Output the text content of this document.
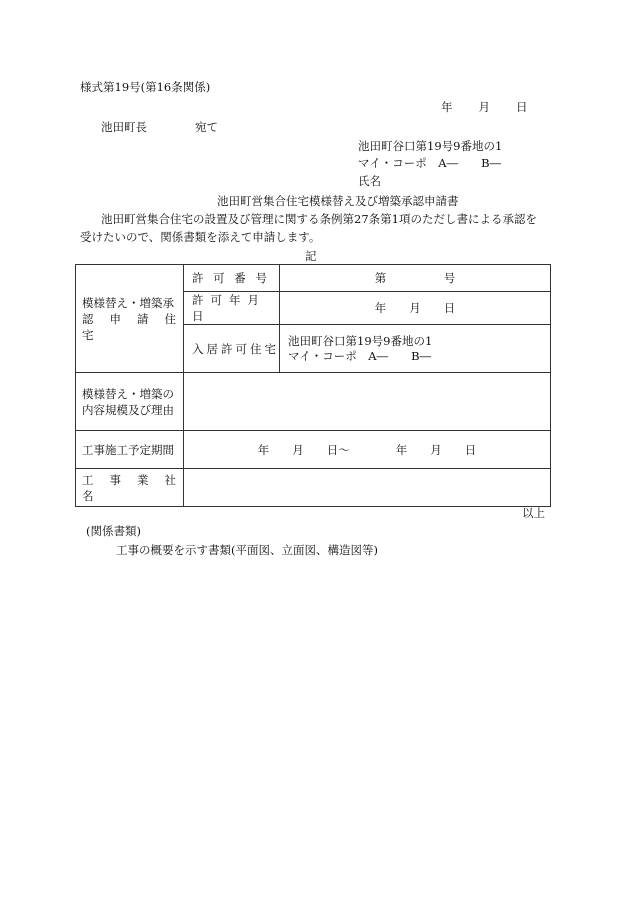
様式第19号(第16条関係)
年　　月　　日
池田町長	宛て
池田町谷口第19号9番地の1
マイ・コーポ　A―　　B―
氏名
池田町営集合住宅模様替え及び増築承認申請書
池田町営集合住宅の設置及び管理に関する条例第27条第1項のただし書による承認を
受けたいので、関係書類を添えて申請します。
記
模様替え・増築承
認 申 請 住 宅	許 可 番 号	第　　　　　号
	許可年月日	年　　月　　日
	入居許可住宅	池田町谷口第19号9番地の1
マイ・コーポ　A―　　B―

模様替え・増築の
内容規模及び理由		

工事施工予定期間	年　　月　　日～　　　　年　　月　　日	
工 事 業 社 名		
以上
(関係書類)
工事の概要を示す書類(平面図、立面図、構造図等)
